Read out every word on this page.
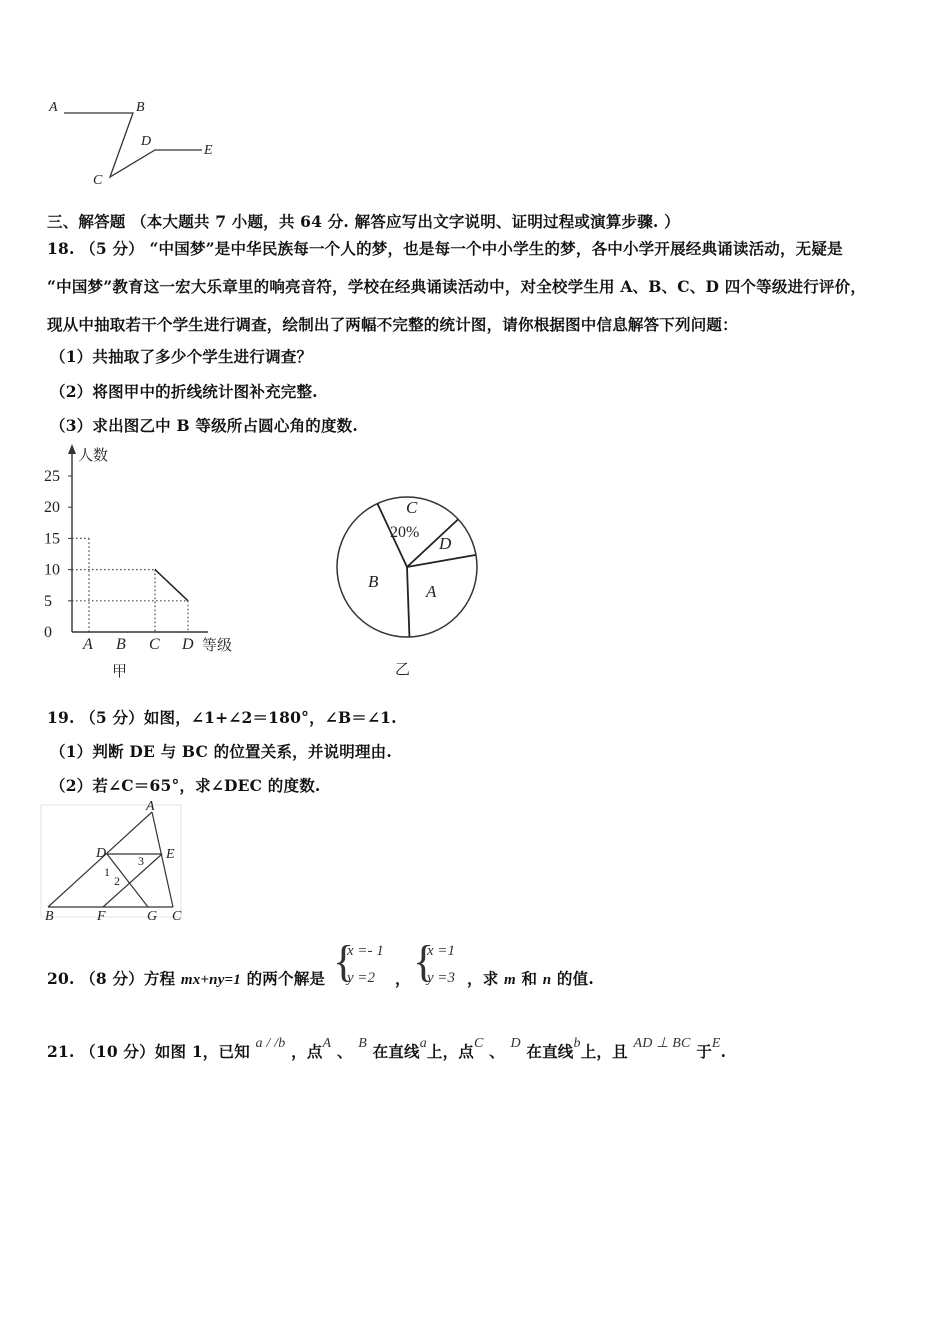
A	B
C
D
E
三、解答题 （本大题共 7 小题，共 64 分. 解答应写出文字说明、证明过程或演算步骤. ）
18. （5 分） “中国梦”是中华民族每一个人的梦，也是每一个中小学生的梦，各中小学开展经典诵读活动，无疑是
“中国梦”教育这一宏大乐章里的响亮音符，学校在经典诵读活动中，对全校学生用 A、B、C、D 四个等级进行评价，
现从中抽取若干个学生进行调查，绘制出了两幅不完整的统计图，请你根据图中信息解答下列问题：
（1）共抽取了多少个学生进行调查？
（2）将图甲中的折线统计图补充完整.
（3）求出图乙中 B 等级所占圆心角的度数.
人数
等级
甲
0
5
10
15
20
25
A B C D
A
B
C
20%
D
乙
19. （5 分）如图，∠1+∠2＝180°，∠B＝∠1.
（1）判断 DE 与 BC 的位置关系，并说明理由.
（2）若∠C＝65°，求∠DEC 的度数.
A
D	E
B	F	G C
1
2
3
20. （8 分）方程 mx+ny=1 的两个解是 {
x =- 1
y =2 ， {
x =1
y =3 ，求 m 和 n 的值.
21. （10 分）如图 1，已知 a / /b ，点A 、 B 在直线a上，点C 、 D 在直线b上，且 AD ⊥ BC 于E.
